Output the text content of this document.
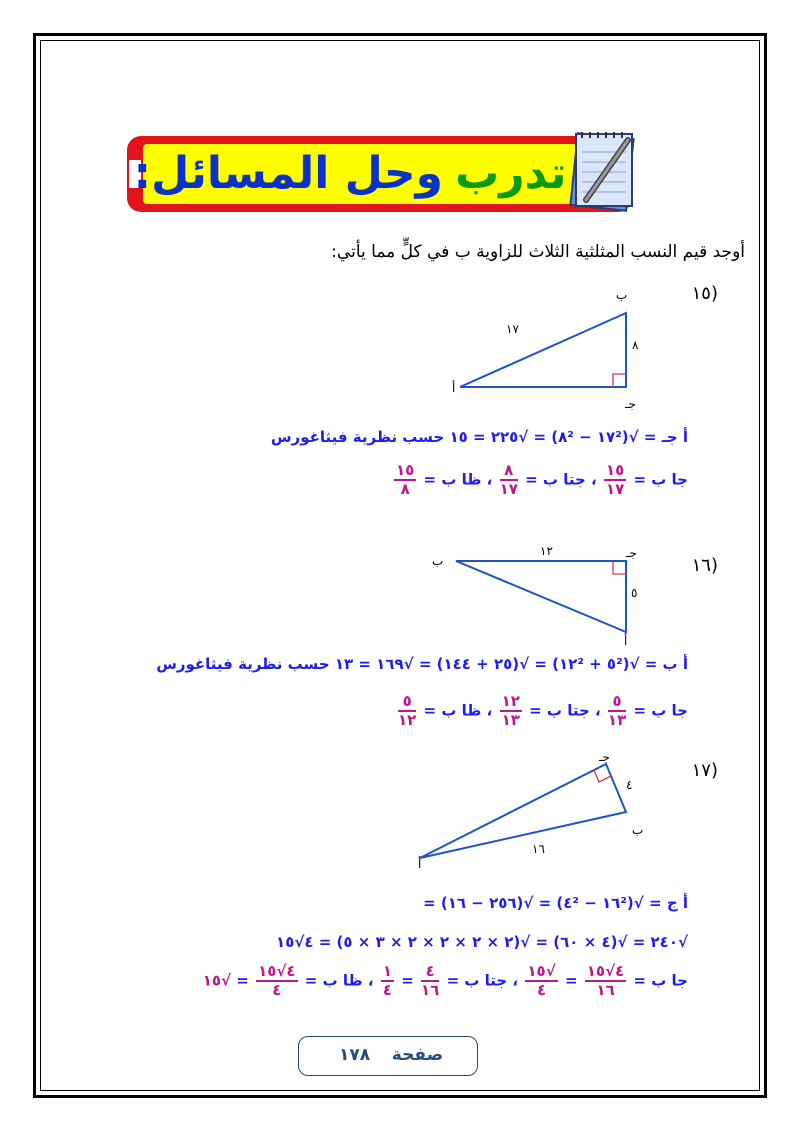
تدرب
وحل المسائل:
أوجد قيم النسب المثلثية الثلاث للزاوية ب في كلٍّ مما يأتي:
(١٥
ب
١٧
٨
أ
جـ
أ جـ = √(١٧² − ٨²) = √٢٢٥ = ١٥ حسب نظرية فيثاغورس
جا ب =
$\frac{١٥}{١٧}$
، جتا ب =
$\frac{٨}{١٧}$
، ظا ب =
$\frac{١٥}{٨}$
(١٦
جـ
١٢
ب
٥
أ
أ ب = √(٥² + ١٢²) = √(٢٥ + ١٤٤) = √١٦٩ = ١٣ حسب نظرية فيثاغورس
جا ب =
$\frac{٥}{١٣}$
، جتا ب =
$\frac{١٢}{١٣}$
، ظا ب =
$\frac{٥}{١٢}$
(١٧
جـ
٤
ب
١٦
أ
أ ج = √(١٦² − ٤²) = √(٢٥٦ − ١٦) =
√٢٤٠ = √(٤ × ٦٠) = √(٢ × ٢ × ٢ × ٢ × ٣ × ٥) = ٤√١٥
جا ب =
$\frac{٤√١٥}{١٦}$
=
$\frac{√١٥}{٤}$
، جتا ب =
$\frac{٤}{١٦}$
=
$\frac{١}{٤}$
، ظا ب =
$\frac{٤√١٥}{٤}$
= √١٥
صفحة
١٧٨
